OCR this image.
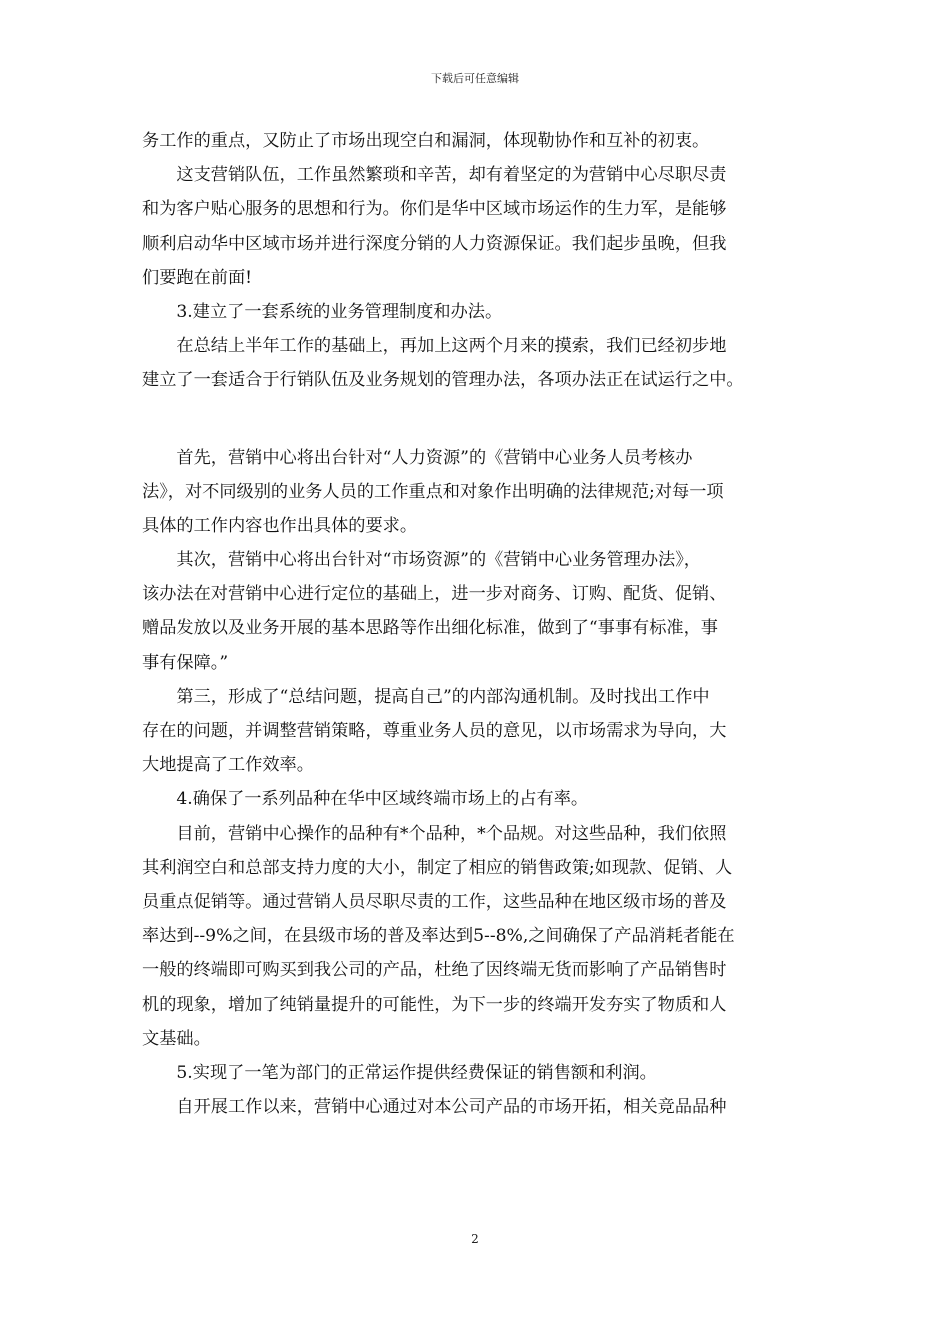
下载后可任意编辑
务工作的重点，又防止了市场出现空白和漏洞，体现勒协作和互补的初衷。
　　这支营销队伍，工作虽然繁琐和辛苦，却有着坚定的为营销中心尽职尽责
和为客户贴心服务的思想和行为。你们是华中区域市场运作的生力军，是能够
顺利启动华中区域市场并进行深度分销的人力资源保证。我们起步虽晚，但我
们要跑在前面!
　　3.建立了一套系统的业务管理制度和办法。
　　在总结上半年工作的基础上，再加上这两个月来的摸索，我们已经初步地
建立了一套适合于行销队伍及业务规划的管理办法，各项办法正在试运行之中。
　　首先，营销中心将出台针对“人力资源”的《营销中心业务人员考核办
法》，对不同级别的业务人员的工作重点和对象作出明确的法律规范;对每一项
具体的工作内容也作出具体的要求。
　　其次，营销中心将出台针对“市场资源”的《营销中心业务管理办法》，
该办法在对营销中心进行定位的基础上，进一步对商务、订购、配货、促销、
赠品发放以及业务开展的基本思路等作出细化标准，做到了“事事有标准，事
事有保障。”
　　第三，形成了“总结问题，提高自己”的内部沟通机制。及时找出工作中
存在的问题，并调整营销策略，尊重业务人员的意见，以市场需求为导向，大
大地提高了工作效率。
　　4.确保了一系列品种在华中区域终端市场上的占有率。
　　目前，营销中心操作的品种有*个品种，*个品规。对这些品种，我们依照
其利润空白和总部支持力度的大小，制定了相应的销售政策;如现款、促销、人
员重点促销等。通过营销人员尽职尽责的工作，这些品种在地区级市场的普及
率达到--9%之间，在县级市场的普及率达到5--8%,之间确保了产品消耗者能在
一般的终端即可购买到我公司的产品，杜绝了因终端无货而影响了产品销售时
机的现象，增加了纯销量提升的可能性，为下一步的终端开发夯实了物质和人
文基础。
　　5.实现了一笔为部门的正常运作提供经费保证的销售额和利润。
　　自开展工作以来，营销中心通过对本公司产品的市场开拓，相关竞品品种
2
